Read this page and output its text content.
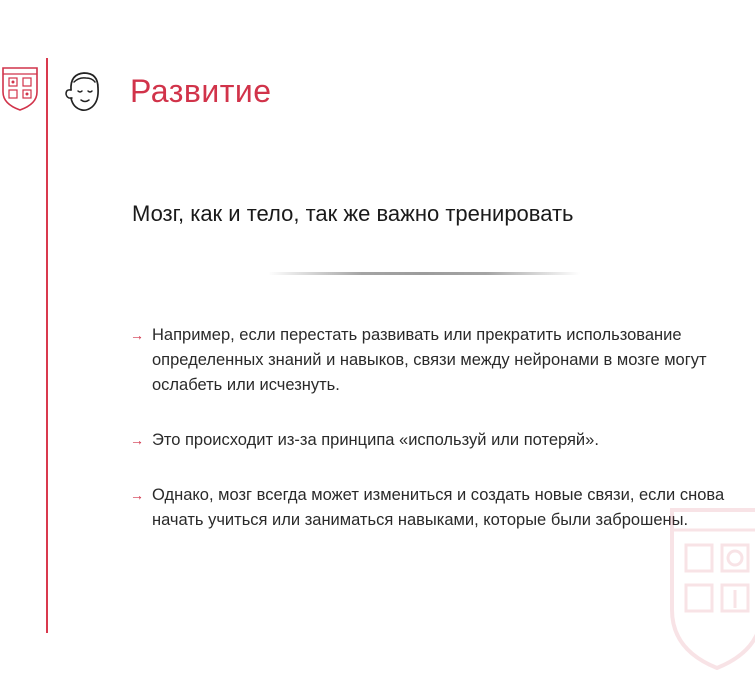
Развитие
Мозг, как и тело, так же важно тренировать
→ Например, если перестать развивать или прекратить использование определенных знаний и навыков, связи между нейронами в мозге могут ослабеть или исчезнуть.
→ Это происходит из-за принципа «используй или потеряй».
→ Однако, мозг всегда может измениться и создать новые связи, если снова начать учиться или заниматься навыками, которые были заброшены.
